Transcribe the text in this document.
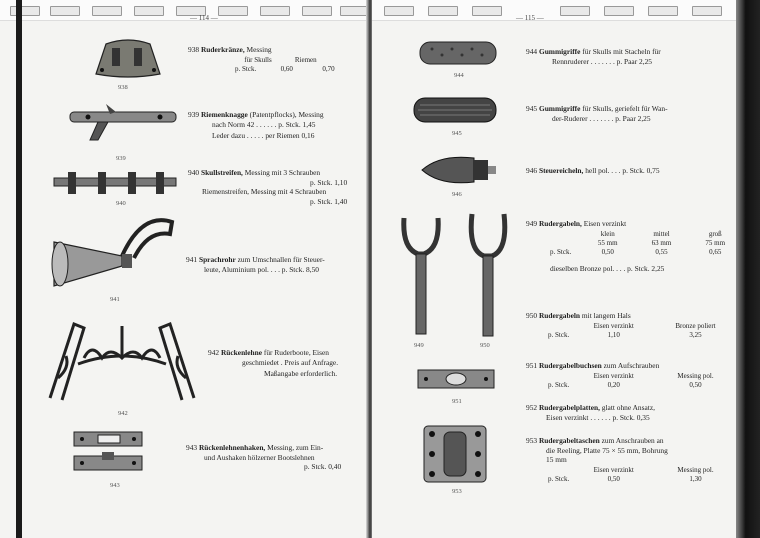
— 114 —
938
938 Ruderkränze, Messing
für Skulls	Riemen
p. Stck.	0,60	0,70
939
939 Riemenknagge (Patentpflocks), Messing
nach Norm 42 . . . . . . p. Stck. 1,45
Leder dazu . . . . . per Riemen 0,16
940
940 Skullstreifen, Messing mit 3 Schrauben
p. Stck. 1,10
Riemenstreifen, Messing mit 4 Schrauben
p. Stck. 1,40
941
941 Sprachrohr zum Umschnallen für Steuer-
leute, Aluminium pol. . . . p. Stck. 8,50
942
942 Rückenlehne für Ruderboote, Eisen
geschmiedet . Preis auf Anfrage.
Maßangabe erforderlich.
943
943 Rückenlehnenhaken, Messing, zum Ein-
und Aushaken hölzerner Bootslehnen
p. Stck. 0,40
— 115 —
944
944 Gummigriffe für Skulls mit Stacheln für
Rennruderer . . . . . . . p. Paar 2,25
945
945 Gummigriffe für Skulls, geriefelt für Wan-
der-Ruderer . . . . . . . p. Paar 2,25
946
946 Steuereicheln, hell pol. . . . p. Stck. 0,75
949	950
949 Rudergabeln, Eisen verzinkt
klein	mittel	groß
55 mm	63 mm	75 mm
p. Stck.	0,50	0,55	0,65
dieselben Bronze pol. . . . p. Stck. 2,25
950 Rudergabeln mit langem Hals
Eisen verzinkt	Bronze poliert
p. Stck.	1,10	3,25
951
951 Rudergabelbuchsen zum Aufschrauben
Eisen verzinkt	Messing pol.
p. Stck.	0,20	0,50
952 Rudergabelplatten, glatt ohne Ansatz,
Eisen verzinkt . . . . . . p. Stck. 0,35
953
953 Rudergabeltaschen zum Anschrauben an
die Reeling, Platte 75 × 55 mm, Bohrung
15 mm
Eisen verzinkt	Messing pol.
p. Stck.	0,50	1,30
